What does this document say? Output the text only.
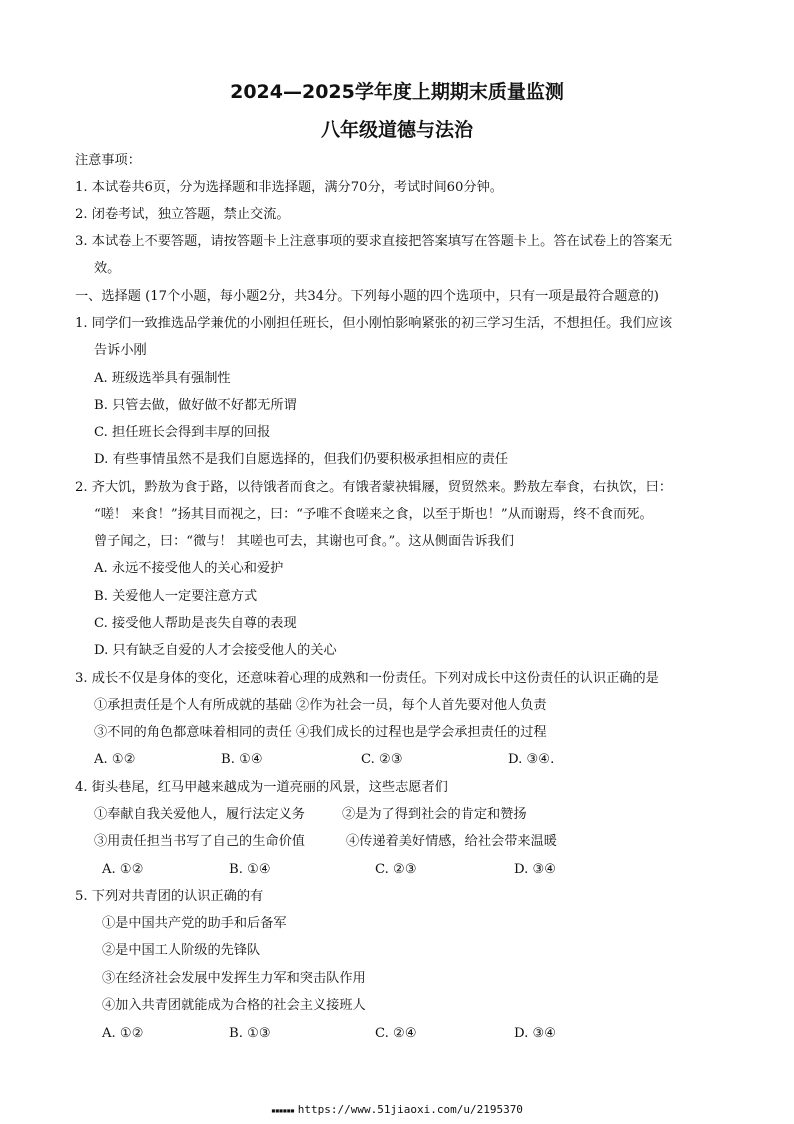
2024—2025学年度上期期末质量监测
八年级道德与法治
注意事项：
1. 本试卷共6页，分为选择题和非选择题，满分70分，考试时间60分钟。
2. 闭卷考试，独立答题，禁止交流。
3. 本试卷上不要答题，请按答题卡上注意事项的要求直接把答案填写在答题卡上。答在试卷上的答案无
效。
一、选择题 (17个小题，每小题2分，共34分。下列每小题的四个选项中，只有一项是最符合题意的)
1. 同学们一致推选品学兼优的小刚担任班长，但小刚怕影响紧张的初三学习生活，不想担任。我们应该
告诉小刚
A. 班级选举具有强制性
B. 只管去做，做好做不好都无所谓
C. 担任班长会得到丰厚的回报
D. 有些事情虽然不是我们自愿选择的，但我们仍要积极承担相应的责任
2. 齐大饥，黔敖为食于路，以待饿者而食之。有饿者蒙袂辑屦，贸贸然来。黔敖左奉食，右执饮，曰：
“嗟！ 来食！”扬其目而视之，曰：“予唯不食嗟来之食，以至于斯也！”从而谢焉，终不食而死。
曾子闻之，曰：“微与！ 其嗟也可去，其谢也可食。”。这从侧面告诉我们
A. 永远不接受他人的关心和爱护
B. 关爱他人一定要注意方式
C. 接受他人帮助是丧失自尊的表现
D. 只有缺乏自爱的人才会接受他人的关心
3. 成长不仅是身体的变化，还意味着心理的成熟和一份责任。下列对成长中这份责任的认识正确的是
①承担责任是个人有所成就的基础 ②作为社会一员，每个人首先要对他人负责
③不同的角色都意味着相同的责任 ④我们成长的过程也是学会承担责任的过程
A. ①②	B. ①④	C. ②③	D. ③④.
4. 街头巷尾，红马甲越来越成为一道亮丽的风景，这些志愿者们
①奉献自我关爱他人，履行法定义务	②是为了得到社会的肯定和赞扬
③用责任担当书写了自己的生命价值	④传递着美好情感，给社会带来温暖
A. ①②	B. ①④	C. ②③	D. ③④
5. 下列对共青团的认识正确的有
①是中国共产党的助手和后备军
②是中国工人阶级的先锋队
③在经济社会发展中发挥生力军和突击队作用
④加入共青团就能成为合格的社会主义接班人
A. ①②	B. ①③	C. ②④	D. ③④
▪▪▪▪▪▪ https://www.51jiaoxi.com/u/2195370
